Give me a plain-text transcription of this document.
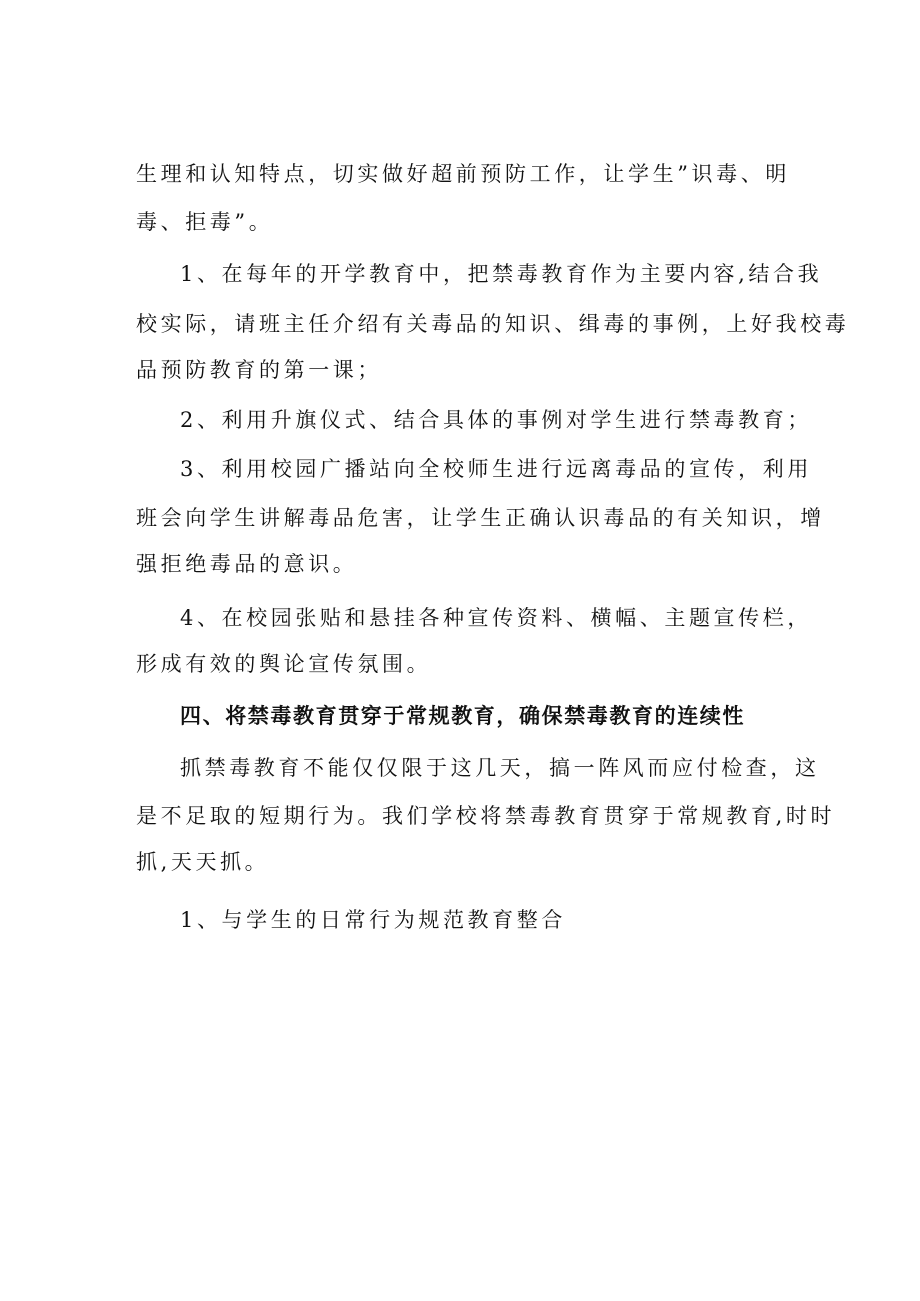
生理和认知特点，切实做好超前预防工作，让学生”识毒、明
毒、拒毒”。
1、在每年的开学教育中，把禁毒教育作为主要内容,结合我
校实际，请班主任介绍有关毒品的知识、缉毒的事例，上好我校毒
品预防教育的第一课；
2、利用升旗仪式、结合具体的事例对学生进行禁毒教育；
3、利用校园广播站向全校师生进行远离毒品的宣传，利用
班会向学生讲解毒品危害，让学生正确认识毒品的有关知识，增
强拒绝毒品的意识。
4、在校园张贴和悬挂各种宣传资料、横幅、主题宣传栏，
形成有效的舆论宣传氛围。
四、将禁毒教育贯穿于常规教育，确保禁毒教育的连续性
抓禁毒教育不能仅仅限于这几天，搞一阵风而应付检查，这
是不足取的短期行为。我们学校将禁毒教育贯穿于常规教育,时时
抓,天天抓。
1、与学生的日常行为规范教育整合
